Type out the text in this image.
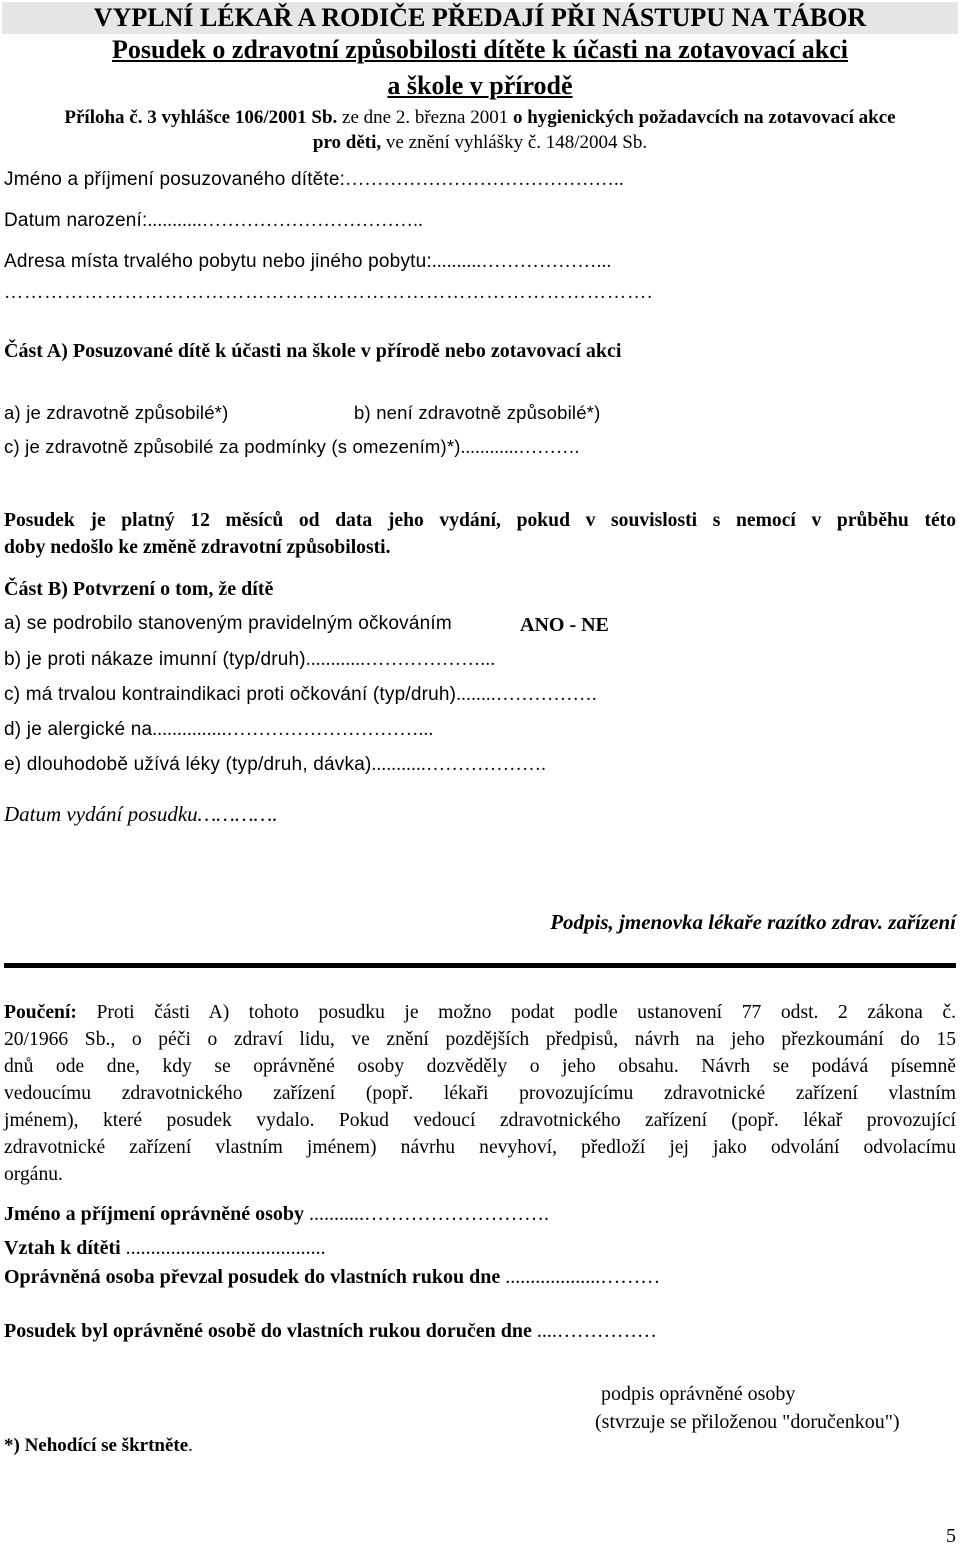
VYPLNÍ LÉKAŘ A RODIČE PŘEDAJÍ PŘI NÁSTUPU NA TÁBOR
Posudek o zdravotní způsobilosti dítěte k účasti na zotavovací akci
a škole v přírodě
Příloha č. 3 vyhlášce 106/2001 Sb. ze dne 2. března 2001 o hygienických požadavcích na zotavovací akce
pro děti, ve znění vyhlášky č. 148/2004 Sb.
Jméno a příjmení posuzovaného dítěte:……………………………………..
Datum narození:...........……………………………..
Adresa místa trvalého pobytu nebo jiného pobytu:..........………………...
…………………………………………………………………………………….
Část A) Posuzované dítě k účasti na škole v přírodě nebo zotavovací akci
a) je zdravotně způsobilé*)	b) není zdravotně způsobilé*)
c) je zdravotně způsobilé za podmínky (s omezením)*)............……….
Posudek je platný 12 měsíců od data jeho vydání, pokud v souvislosti s nemocí v průběhu této
doby nedošlo ke změně zdravotní způsobilosti.
Část B) Potvrzení o tom, že dítě
a) se podrobilo stanoveným pravidelným očkováním	ANO - NE
b) je proti nákaze imunní (typ/druh)............………………...
c) má trvalou kontraindikaci proti očkování (typ/druh)........…………….
d) je alergické na...............…………………………...
e) dlouhodobě užívá léky (typ/druh, dávka)...........……………….
Datum vydání posudku………….
Podpis, jmenovka lékaře razítko zdrav. zařízení
Poučení: Proti části A) tohoto posudku je možno podat podle ustanovení 77 odst. 2 zákona č.
20/1966 Sb., o péči o zdraví lidu, ve znění pozdějších předpisů, návrh na jeho přezkoumání do 15
dnů ode dne, kdy se oprávněné osoby dozvěděly o jeho obsahu. Návrh se podává písemně
vedoucímu zdravotnického zařízení (popř. lékaři provozujícímu zdravotnické zařízení vlastním
jménem), které posudek vydalo. Pokud vedoucí zdravotnického zařízení (popř. lékař provozující
zdravotnické zařízení vlastním jménem) návrhu nevyhoví, předloží jej jako odvolání odvolacímu
orgánu.
Jméno a příjmení oprávněné osoby ...........……………………….
Vztah k dítěti ........................................
Oprávněná osoba převzal posudek do vlastních rukou dne ...................………
Posudek byl oprávněné osobě do vlastních rukou doručen dne ....……………
podpis oprávněné osoby
(stvrzuje se přiloženou "doručenkou")
*) Nehodící se škrtněte.
5
